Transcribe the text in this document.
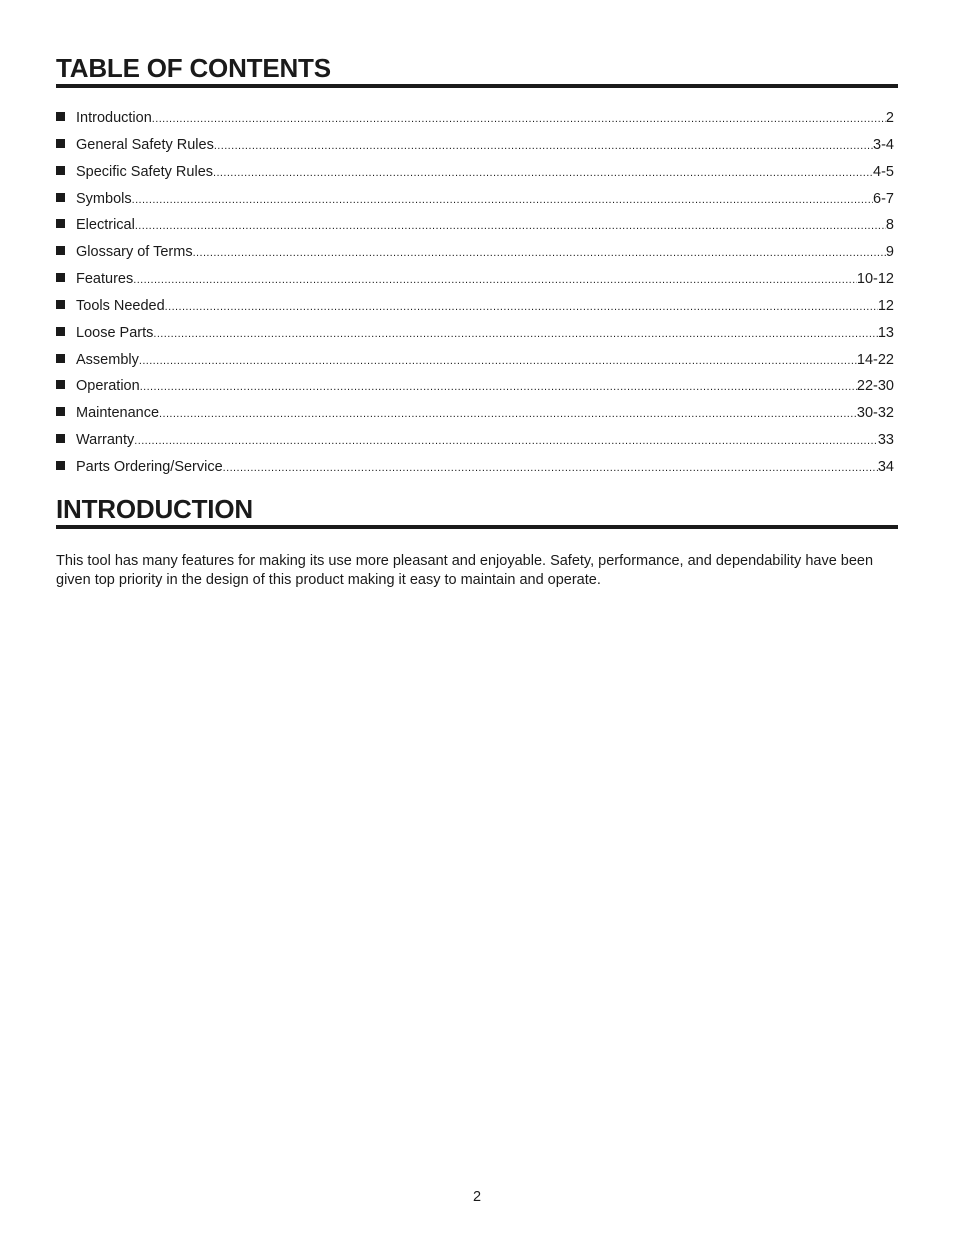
TABLE OF CONTENTS
Introduction .....	2
General Safety Rules .....	3-4
Specific Safety Rules .....	4-5
Symbols .....	6-7
Electrical .....	8
Glossary of Terms .....	9
Features .....	10-12
Tools Needed .....	12
Loose Parts .....	13
Assembly .....	14-22
Operation .....	22-30
Maintenance .....	30-32
Warranty .....	33
Parts Ordering/Service .....	34
INTRODUCTION

This tool has many features for making its use more pleasant and enjoyable. Safety, performance, and dependability have been given top priority in the design of this product making it easy to maintain and operate.

2
